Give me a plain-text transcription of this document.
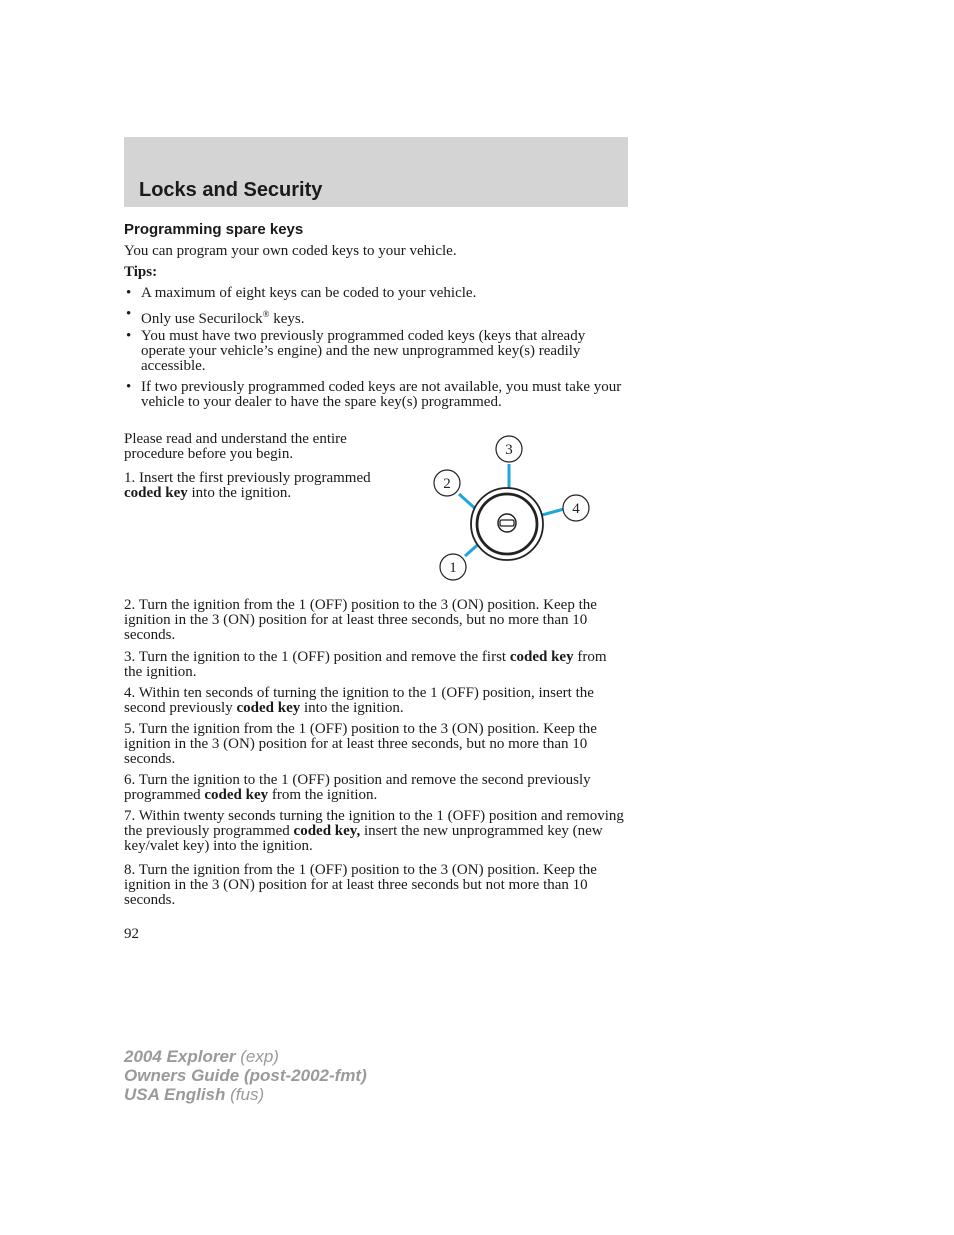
Locks and Security
Programming spare keys

You can program your own coded keys to your vehicle.

Tips:

• A maximum of eight keys can be coded to your vehicle.
• Only use Securilock® keys.
• You must have two previously programmed coded keys (keys that already operate your vehicle’s engine) and the new unprogrammed key(s) readily accessible.
• If two previously programmed coded keys are not available, you must take your vehicle to your dealer to have the spare key(s) programmed.

Please read and understand the entire procedure before you begin.

1. Insert the first previously programmed coded key into the ignition.

1
2
3
4

2. Turn the ignition from the 1 (OFF) position to the 3 (ON) position. Keep the ignition in the 3 (ON) position for at least three seconds, but no more than 10 seconds.

3. Turn the ignition to the 1 (OFF) position and remove the first coded key from the ignition.

4. Within ten seconds of turning the ignition to the 1 (OFF) position, insert the second previously coded key into the ignition.

5. Turn the ignition from the 1 (OFF) position to the 3 (ON) position. Keep the ignition in the 3 (ON) position for at least three seconds, but no more than 10 seconds.

6. Turn the ignition to the 1 (OFF) position and remove the second previously programmed coded key from the ignition.

7. Within twenty seconds turning the ignition to the 1 (OFF) position and removing the previously programmed coded key, insert the new unprogrammed key (new key/valet key) into the ignition.

8. Turn the ignition from the 1 (OFF) position to the 3 (ON) position. Keep the ignition in the 3 (ON) position for at least three seconds but not more than 10 seconds.

92

2004 Explorer (exp)
Owners Guide (post-2002-fmt)
USA English (fus)
